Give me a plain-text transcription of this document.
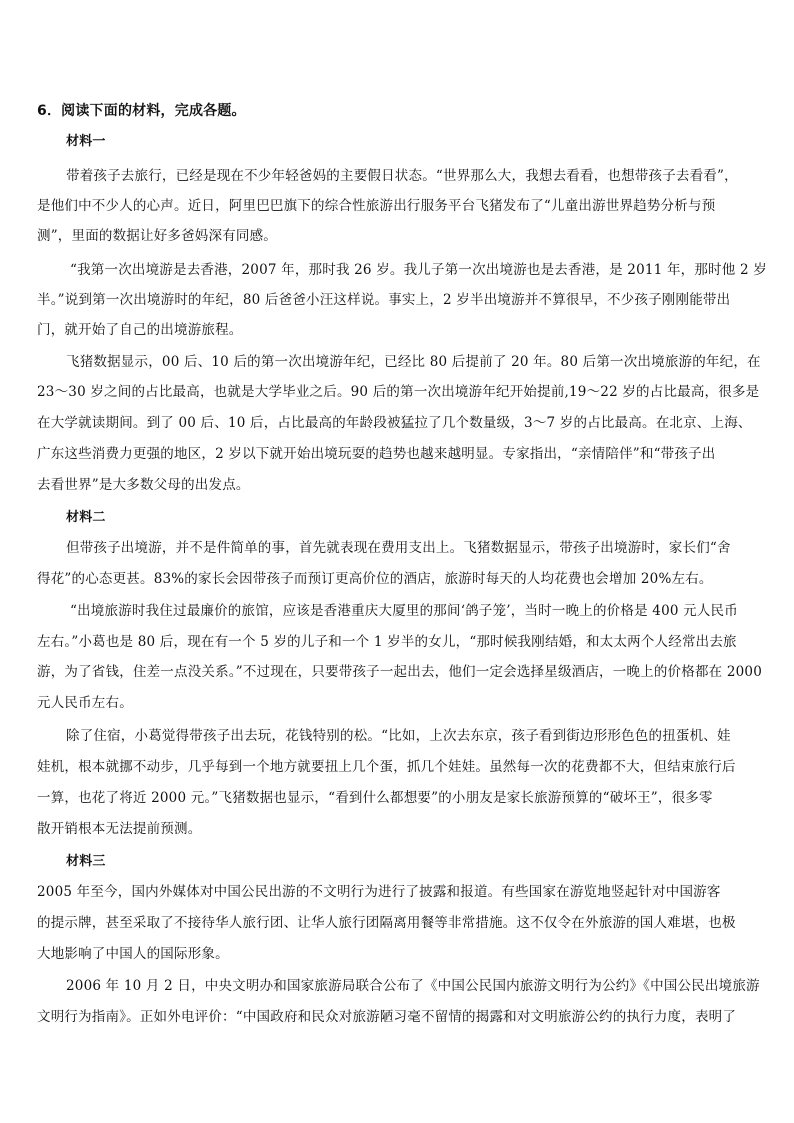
6．阅读下面的材料，完成各题。
材料一
带着孩子去旅行，已经是现在不少年轻爸妈的主要假日状态。“世界那么大，我想去看看，也想带孩子去看看”，
是他们中不少人的心声。近日，阿里巴巴旗下的综合性旅游出行服务平台飞猪发布了“儿童出游世界趋势分析与预
测”，里面的数据让好多爸妈深有同感。
“我第一次出境游是去香港，2007 年，那时我 26 岁。我儿子第一次出境游也是去香港，是 2011 年，那时他 2 岁
半。”说到第一次出境游时的年纪，80 后爸爸小汪这样说。事实上，2 岁半出境游并不算很早，不少孩子刚刚能带出
门，就开始了自己的出境游旅程。
飞猪数据显示，00 后、10 后的第一次出境游年纪，已经比 80 后提前了 20 年。80 后第一次出境旅游的年纪，在
23～30 岁之间的占比最高，也就是大学毕业之后。90 后的第一次出境游年纪开始提前,19～22 岁的占比最高，很多是
在大学就读期间。到了 00 后、10 后，占比最高的年龄段被猛拉了几个数量级，3～7 岁的占比最高。在北京、上海、
广东这些消费力更强的地区，2 岁以下就开始出境玩耍的趋势也越来越明显。专家指出，“亲情陪伴”和“带孩子出
去看世界”是大多数父母的出发点。
材料二
但带孩子出境游，并不是件简单的事，首先就表现在费用支出上。飞猪数据显示，带孩子出境游时，家长们“舍
得花”的心态更甚。83%的家长会因带孩子而预订更高价位的酒店，旅游时每天的人均花费也会增加 20%左右。
“出境旅游时我住过最廉价的旅馆，应该是香港重庆大厦里的那间‘鸽子笼’，当时一晚上的价格是 400 元人民币
左右。”小葛也是 80 后，现在有一个 5 岁的儿子和一个 1 岁半的女儿，“那时候我刚结婚，和太太两个人经常出去旅
游，为了省钱，住差一点没关系。”不过现在，只要带孩子一起出去，他们一定会选择星级酒店，一晚上的价格都在 2000
元人民币左右。
除了住宿，小葛觉得带孩子出去玩，花钱特别的松。“比如，上次去东京，孩子看到街边形形色色的扭蛋机、娃
娃机，根本就挪不动步，几乎每到一个地方就要扭上几个蛋，抓几个娃娃。虽然每一次的花费都不大，但结束旅行后
一算，也花了将近 2000 元。”飞猪数据也显示，“看到什么都想要”的小朋友是家长旅游预算的“破坏王”，很多零
散开销根本无法提前预测。
材料三
2005 年至今，国内外媒体对中国公民出游的不文明行为进行了披露和报道。有些国家在游览地竖起针对中国游客
的提示牌，甚至采取了不接待华人旅行团、让华人旅行团隔离用餐等非常措施。这不仅令在外旅游的国人难堪，也极
大地影响了中国人的国际形象。
2006 年 10 月 2 日，中央文明办和国家旅游局联合公布了《中国公民国内旅游文明行为公约》《中国公民出境旅游
文明行为指南》。正如外电评价：“中国政府和民众对旅游陋习毫不留情的揭露和对文明旅游公约的执行力度，表明了
